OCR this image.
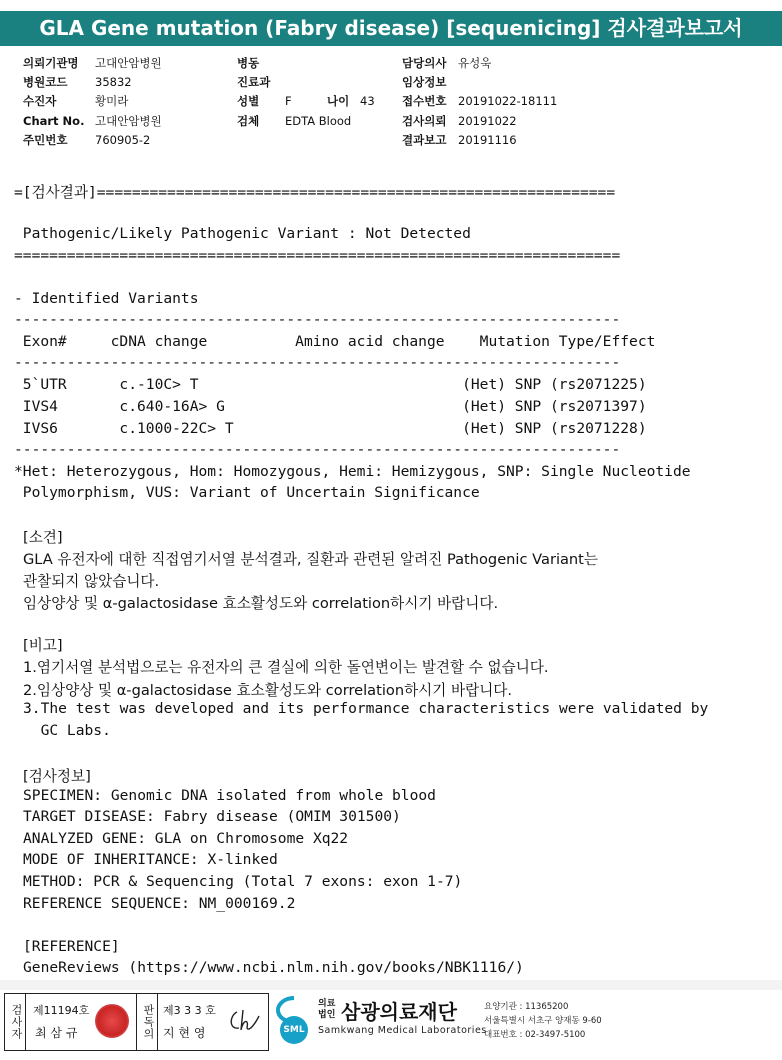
GLA Gene mutation (Fabry disease) [sequenicing] 검사결과보고서
의뢰기관명 고대안암병원
병원코드 35832
수진자	황미라
Chart No. 고대안암병원
주민번호 760905-2
병동
진료과
성별 F	나이 43
검체 EDTA Blood
담당의사 유성욱
임상정보
접수번호 20191022-18111
검사의뢰 20191022
결과보고 20191116
=[검사결과]===========================================================
Pathogenic/Likely Pathogenic Variant : Not Detected
=====================================================================
- Identified Variants
---------------------------------------------------------------------
Exon#     cDNA change          Amino acid change    Mutation Type/Effect
---------------------------------------------------------------------
5`UTR      c.-10C> T                              (Het) SNP (rs2071225)
IVS4       c.640-16A> G                           (Het) SNP (rs2071397)
IVS6       c.1000-22C> T                          (Het) SNP (rs2071228)
---------------------------------------------------------------------
*Het: Heterozygous, Hom: Homozygous, Hemi: Hemizygous, SNP: Single Nucleotide
Polymorphism, VUS: Variant of Uncertain Significance
[소견]
GLA 유전자에 대한 직접염기서열 분석결과, 질환과 관련된 알려진 Pathogenic Variant는
관찰되지 않았습니다.
임상양상 및 α-galactosidase 효소활성도와 correlation하시기 바랍니다.
[비고]
1.염기서열 분석법으로는 유전자의 큰 결실에 의한 돌연변이는 발견할 수 없습니다.
2.임상양상 및 α-galactosidase 효소활성도와 correlation하시기 바랍니다.
3.The test was developed and its performance characteristics were validated by
GC Labs.
[검사정보]
SPECIMEN: Genomic DNA isolated from whole blood
TARGET DISEASE: Fabry disease (OMIM 301500)
ANALYZED GENE: GLA on Chromosome Xq22
MODE OF INHERITANCE: X-linked
METHOD: PCR & Sequencing (Total 7 exons: exon 1-7)
REFERENCE SEQUENCE: NM_000169.2
[REFERENCE]
GeneReviews (https://www.ncbi.nlm.nih.gov/books/NBK1116/)
검사자 제11194호
최 삼 규	판독의 제3 3 3 호
지 현 영	SML
의료
법인 삼광의료재단
Samkwang Medical Laboratories
요양기관 : 11365200
서울특별시 서초구 양재동 9-60
대표번호 : 02-3497-5100
